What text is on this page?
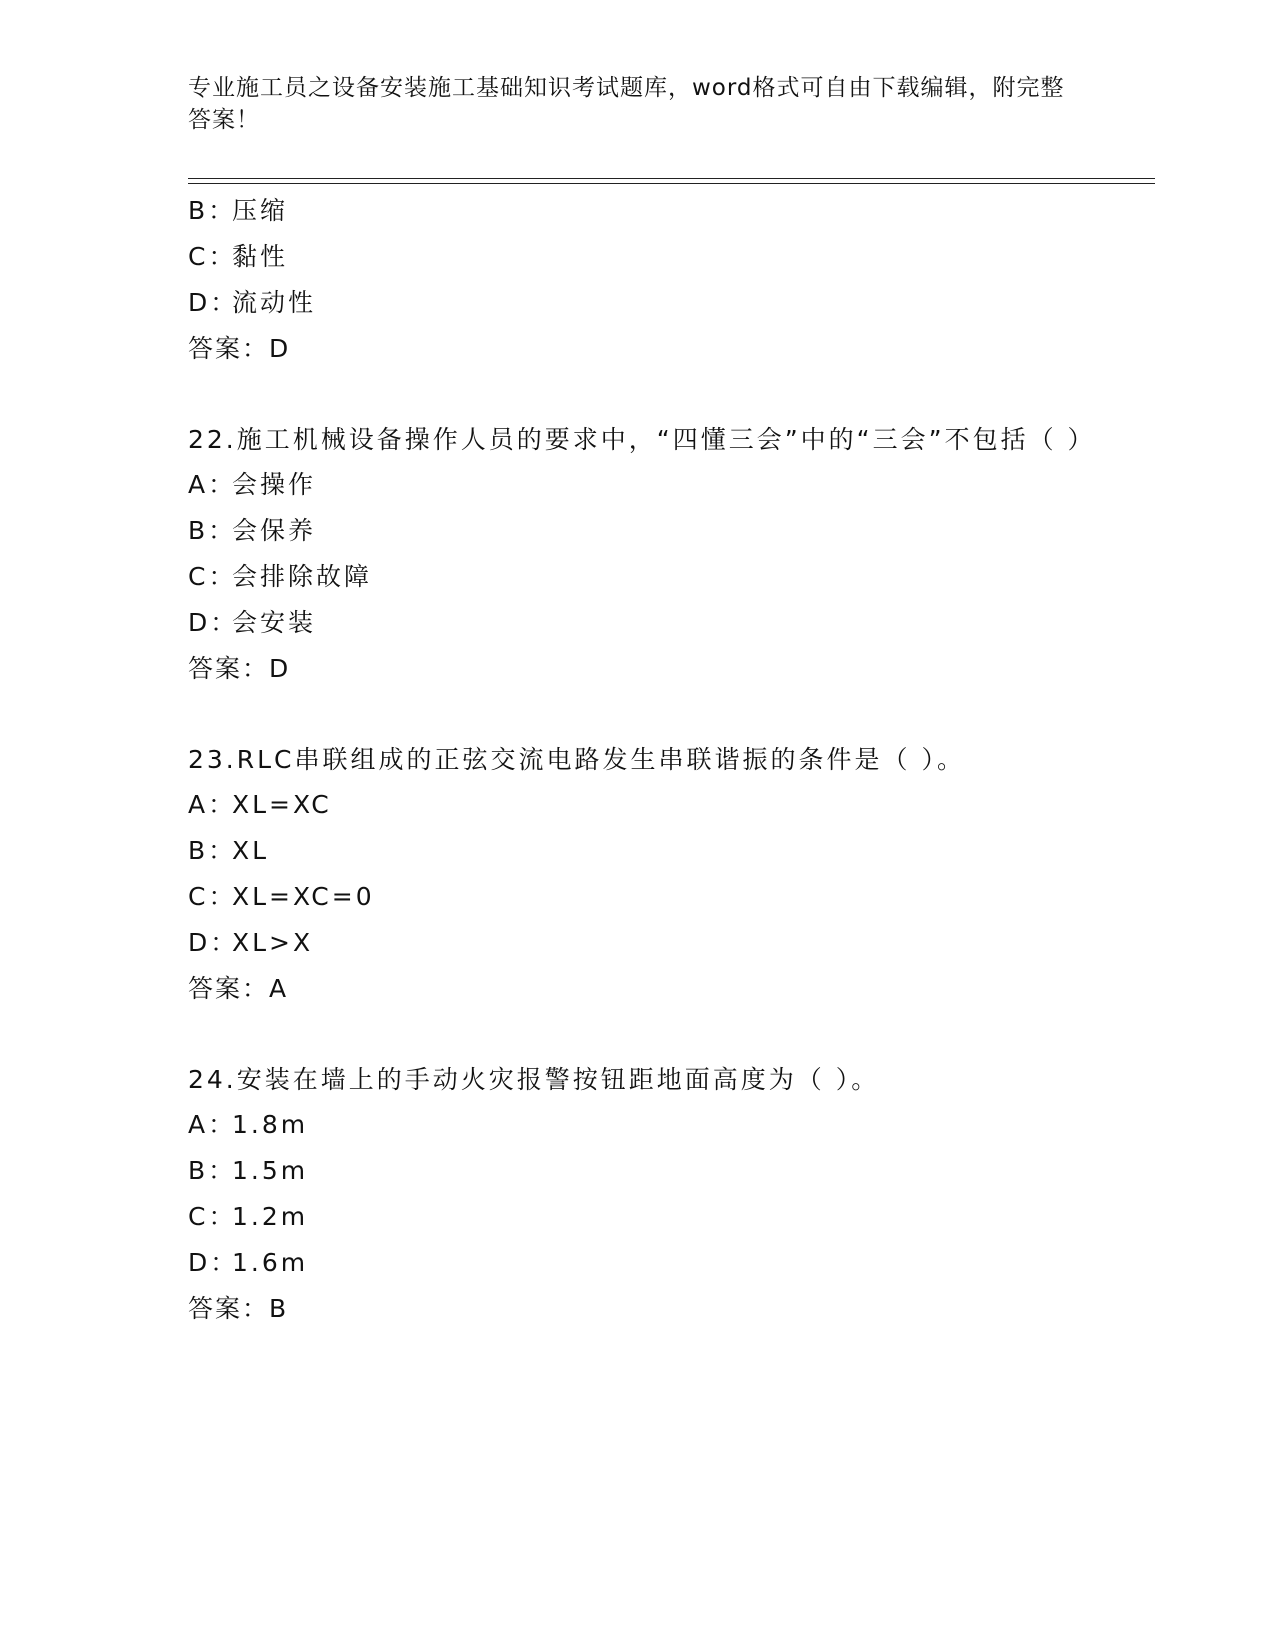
专业施工员之设备安装施工基础知识考试题库，word格式可自由下载编辑，附完整答案！
B：压缩
C：黏性
D：流动性
答案：D
22.施工机械设备操作人员的要求中，“四懂三会”中的“三会”不包括（ ）
A：会操作
B：会保养
C：会排除故障
D：会安装
答案：D
23.RLC串联组成的正弦交流电路发生串联谐振的条件是（ ）。
A：XL=XC
B：XL
C：XL=XC=0
D：XL>X
答案：A
24.安装在墙上的手动火灾报警按钮距地面高度为（ ）。
A：1.8m
B：1.5m
C：1.2m
D：1.6m
答案：B
